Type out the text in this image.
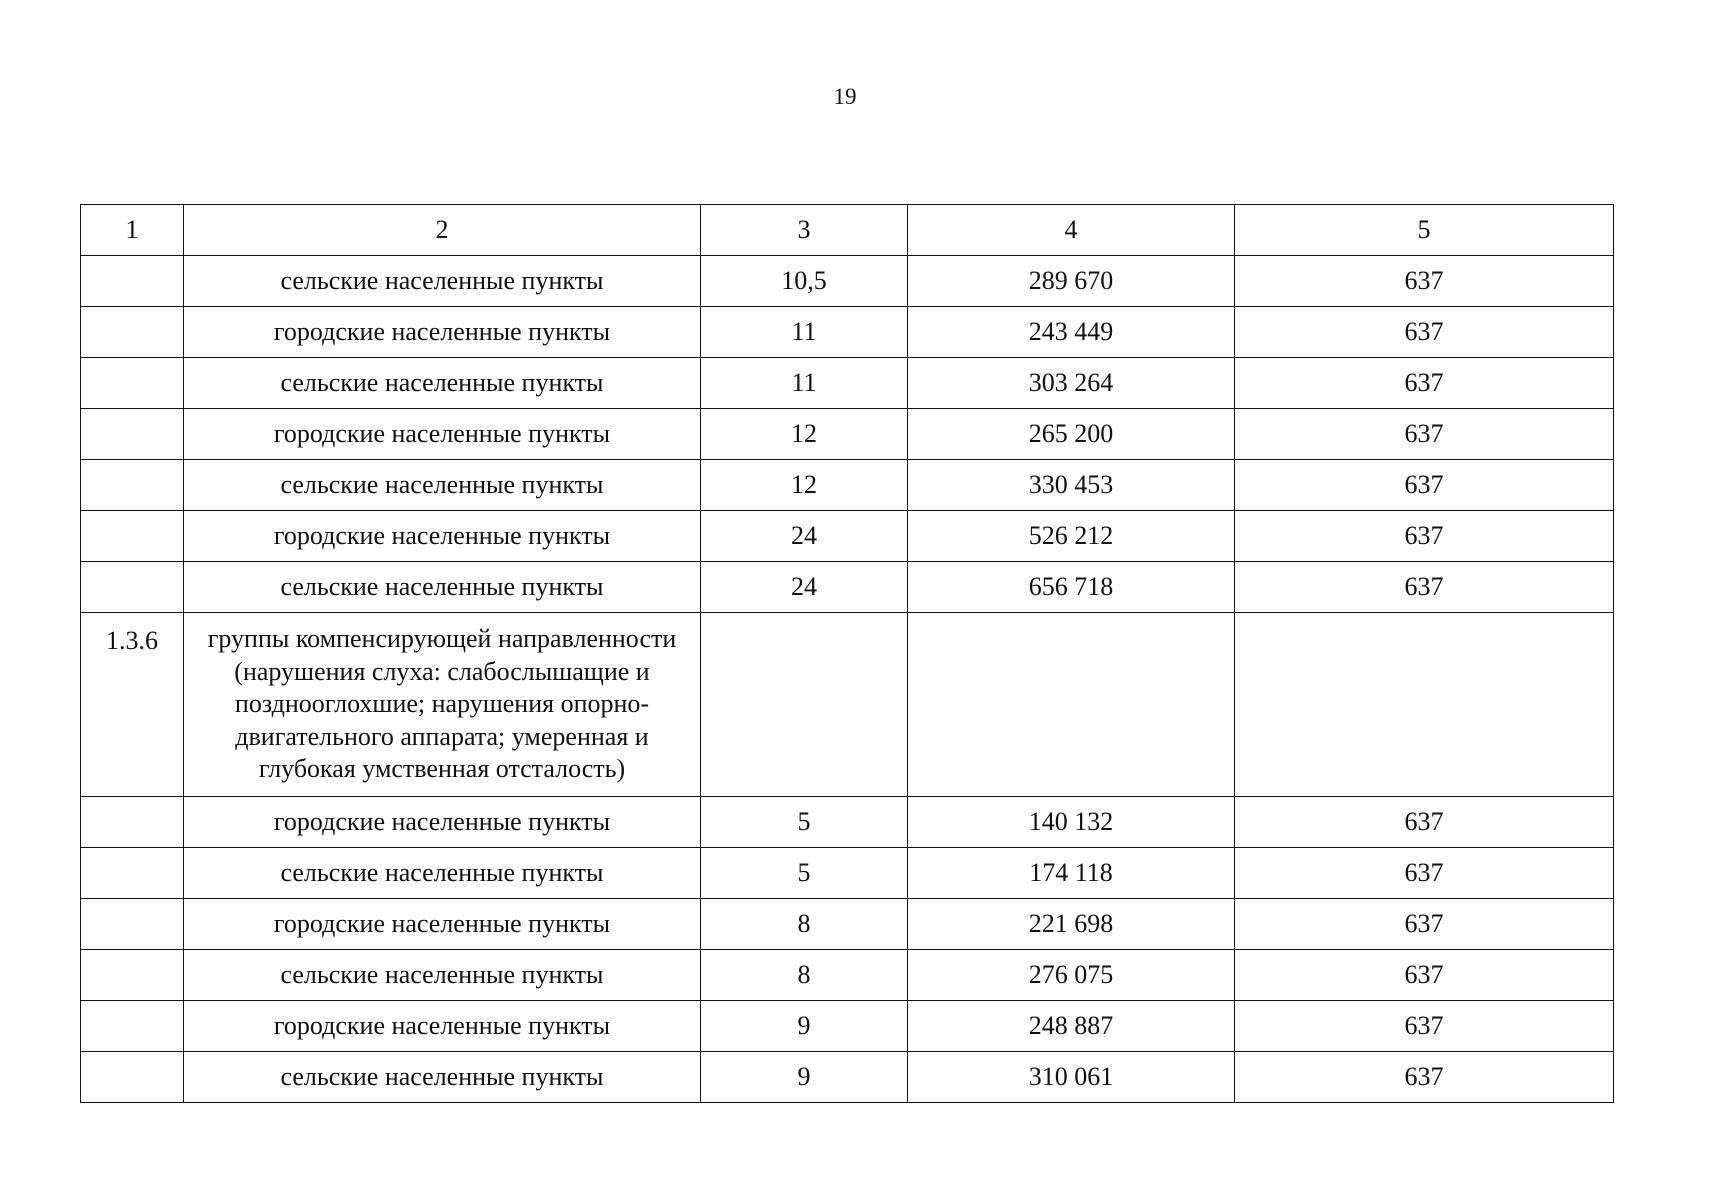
19
1	2	3	4	5
	сельские населенные пункты	10,5	289 670	637
	городские населенные пункты	11	243 449	637
	сельские населенные пункты	11	303 264	637
	городские населенные пункты	12	265 200	637
	сельские населенные пункты	12	330 453	637
	городские населенные пункты	24	526 212	637
	сельские населенные пункты	24	656 718	637
1.3.6	группы компенсирующей направленности (нарушения слуха: слабослышащие и позднооглохшие; нарушения опорно-двигательного аппарата; умеренная и глубокая умственная отсталость)			
	городские населенные пункты	5	140 132	637
	сельские населенные пункты	5	174 118	637
	городские населенные пункты	8	221 698	637
	сельские населенные пункты	8	276 075	637
	городские населенные пункты	9	248 887	637
	сельские населенные пункты	9	310 061	637
